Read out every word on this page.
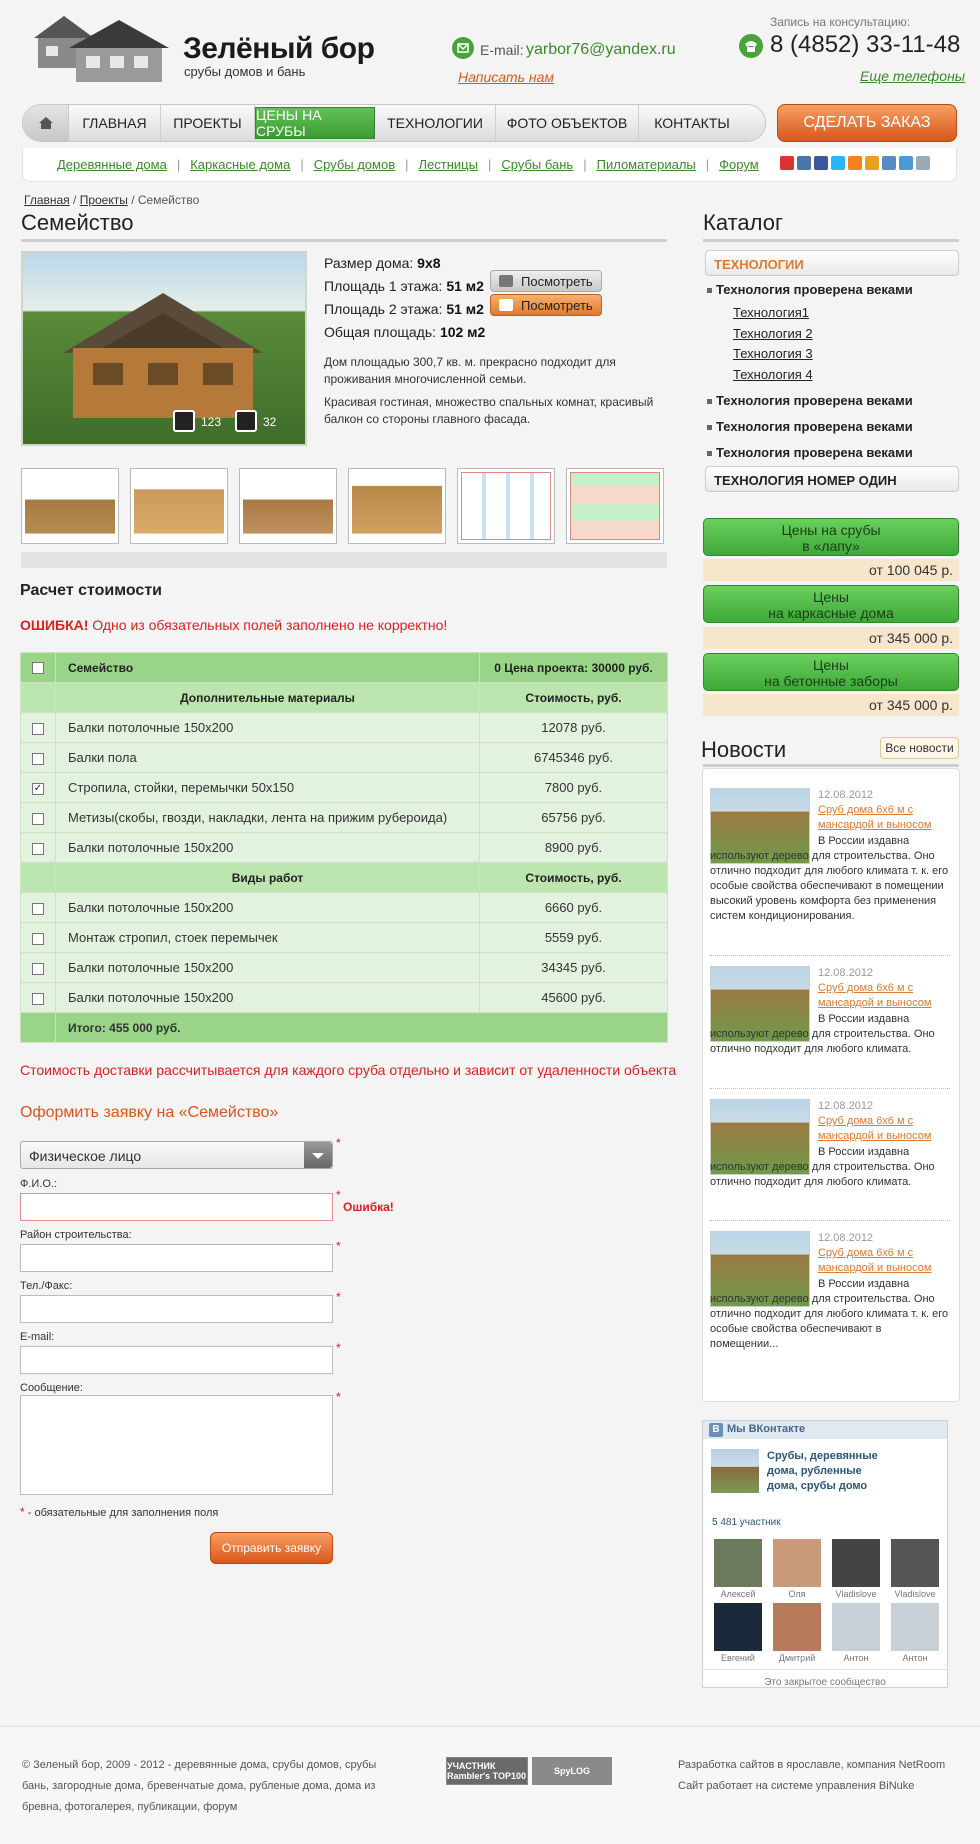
Зелёный бор
срубы домов и бань
E-mail: yarbor76@yandex.ru
Написать нам
Запись на консультацию:
8 (4852) 33-11-48
Еще телефоны
ГЛАВНАЯ	ПРОЕКТЫ	ЦЕНЫ НА СРУБЫ	ТЕХНОЛОГИИ	ФОТО ОБЪЕКТОВ	КОНТАКТЫ	СДЕЛАТЬ ЗАКАЗ
Деревянные дома | Каркасные дома | Срубы домов | Лестницы | Срубы бань | Пиломатериалы | Форум
Главная / Проекты / Семейство
Семейство
123	32
Размер дома: 9x8
Площадь 1 этажа: 51 м2
Площадь 2 этажа: 51 м2
Общая площадь: 102 м2
Посмотреть
Посмотреть

Дом площадью 300,7 кв. м. прекрасно подходит для проживания многочисленной семьи.

Красивая гостиная, множество спальных комнат, красивый балкон со стороны главного фасада.

Расчет стоимости
ОШИБКА! Одно из обязательных полей заполнено не корректно!
	Семейство	0 Цена проекта: 30000 руб.
	Дополнительные материалы	Стоимость, руб.
	Балки потолочные 150х200	12078 руб.
	Балки пола	6745346 руб.
✓	Стропила, стойки, перемычки 50х150	7800 руб.
	Метизы(скобы, гвозди, накладки, лента на прижим рубероида)	65756 руб.
	Балки потолочные 150х200	8900 руб.
	Виды работ	Стоимость, руб.
	Балки потолочные 150х200	6660 руб.
	Монтаж стропил, стоек перемычек	5559 руб.
	Балки потолочные 150х200	34345 руб.
	Балки потолочные 150х200	45600 руб.
	Итого: 455 000 руб.	
Стоимость доставки рассчитывается для каждого сруба отдельно и зависит от удаленности объекта
Оформить заявку на «Семейство»
Физическое лицо
*
Ф.И.О.:
*
Ошибка!
Район строительства:
*
Тел./Факс:
*
E-mail:
*
Сообщение:
*
* - обязательные для заполнения поля
Отправить заявку
Каталог
ТЕХНОЛОГИИ
Технология проверена веками
Технология1
Технология 2
Технология 3
Технология 4
Технология проверена веками
Технология проверена веками
Технология проверена веками
ТЕХНОЛОГИЯ НОМЕР ОДИН
Цены на срубы
в «лапу»
от 100 045 р.
Цены
на каркасные дома
от 345 000 р.
Цены
на бетонные заборы
от 345 000 р.
Новости	Все новости
12.08.2012
Сруб дома 6х6 м с мансардой и выносом
В России издавна используют дерево для строительства. Оно отлично подходит для любого климата т. к. его особые свойства обеспечивают в помещении высокий уровень комфорта без применения систем кондиционирования.
12.08.2012
Сруб дома 6х6 м с мансардой и выносом
В России издавна используют дерево для строительства. Оно отлично подходит для любого климата.
12.08.2012
Сруб дома 6х6 м с мансардой и выносом
В России издавна используют дерево для строительства. Оно отлично подходит для любого климата.
12.08.2012
Сруб дома 6х6 м с мансардой и выносом
В России издавна используют дерево для строительства. Оно отлично подходит для любого климата т. к. его особые свойства обеспечивают в помещении...
B Мы ВКонтакте
Срубы, деревянные дома, рубленные дома, срубы домо
5 481 участник
Алексей	Оля	Vladislove	Vladislove
Евгений	Дмитрий	Антон	Антон
Это закрытое сообщество
© Зеленый бор, 2009 - 2012 - деревянные дома, срубы домов, срубы бань, загородные дома, бревенчатые дома, рубленые дома, дома из бревна, фотогалерея, публикации, форум
УЧАСТНИК Rambler's TOP100	SpyLOG	Разработка сайтов в ярославле, компания NetRoom
Сайт работает на системе управления BiNuke
